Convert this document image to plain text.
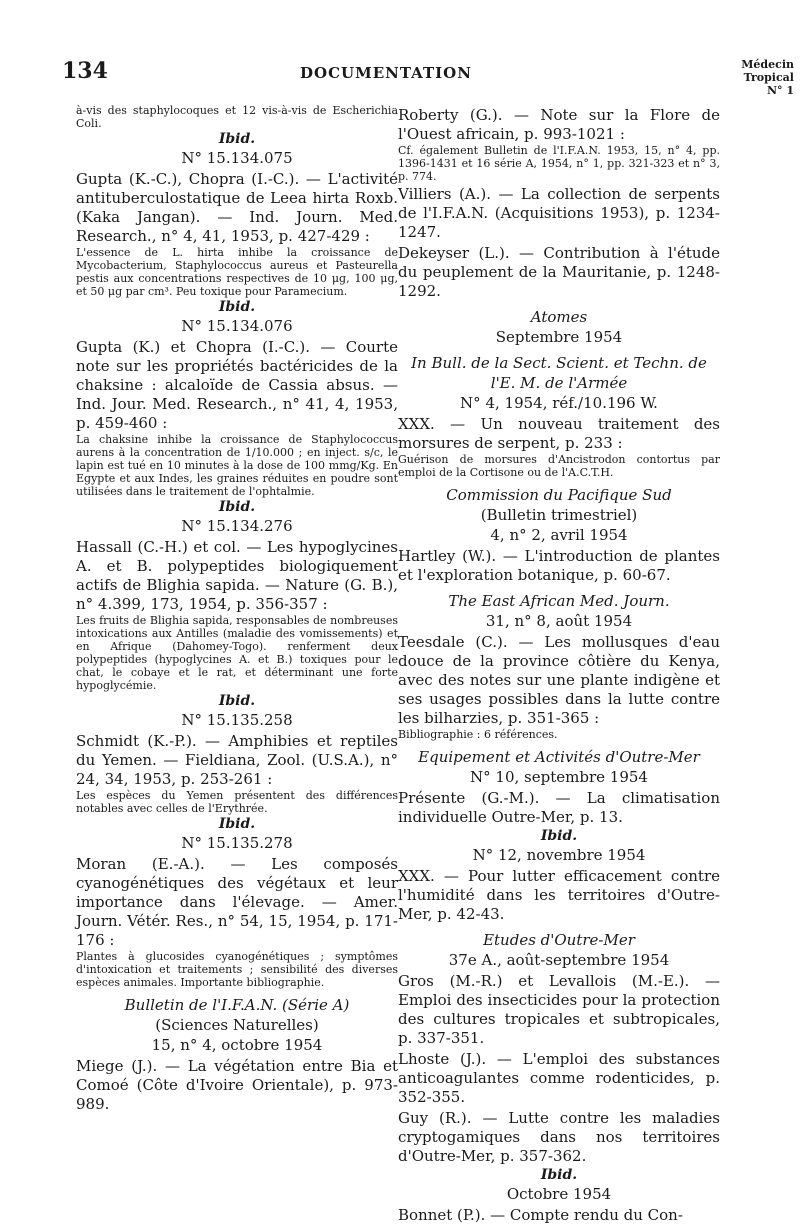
134	DOCUMENTATION	Médecin
Tropical
N° 1
à-vis des staphylocoques et 12 vis-à-vis de Escherichia Coli.
Ibid.
N° 15.134.075
Gupta (K.-C.), Chopra (I.-C.). — L'activité antituberculostatique de Leea hirta Roxb. (Kaka Jangan). — Ind. Journ. Med. Research., n° 4, 41, 1953, p. 427-429 :
L'essence de L. hirta inhibe la croissance de Mycobacterium, Staphylococcus aureus et Pasteurella pestis aux concentrations respectives de 10 μg, 100 μg, et 50 μg par cm³. Peu toxique pour Paramecium.
Ibid.
N° 15.134.076
Gupta (K.) et Chopra (I.-C.). — Courte note sur les propriétés bactéricides de la chaksine : alcaloïde de Cassia absus. — Ind. Jour. Med. Research., n° 41, 4, 1953, p. 459-460 :
La chaksine inhibe la croissance de Staphylococcus aurens à la concentration de 1/10.000 ; en inject. s/c, le lapin est tué en 10 minutes à la dose de 100 mmg/Kg. En Egypte et aux Indes, les graines réduites en poudre sont utilisées dans le traitement de l'ophtalmie.
Ibid.
N° 15.134.276
Hassall (C.-H.) et col. — Les hypoglycines A. et B. polypeptides biologiquement actifs de Blighia sapida. — Nature (G. B.), n° 4.399, 173, 1954, p. 356-357 :
Les fruits de Blighia sapida, responsables de nombreuses intoxications aux Antilles (maladie des vomissements) et en Afrique (Dahomey-Togo). renferment deux polypeptides (hypoglycines A. et B.) toxiques pour le chat, le cobaye et le rat, et déterminant une forte hypoglycémie.
Ibid.
N° 15.135.258
Schmidt (K.-P.). — Amphibies et reptiles du Yemen. — Fieldiana, Zool. (U.S.A.), n° 24, 34, 1953, p. 253-261 :
Les espèces du Yemen présentent des différences notables avec celles de l'Erythrée.
Ibid.
N° 15.135.278
Moran (E.-A.). — Les composés cyanogénétiques des végétaux et leur importance dans l'élevage. — Amer. Journ. Vétér. Res., n° 54, 15, 1954, p. 171-176 :
Plantes à glucosides cyanogénétiques ; symptômes d'intoxication et traitements ; sensibilité des diverses espèces animales. Importante bibliographie.
Bulletin de l'I.F.A.N. (Série A)
(Sciences Naturelles)
15, n° 4, octobre 1954
Miege (J.). — La végétation entre Bia et Comoé (Côte d'Ivoire Orientale), p. 973-989.
Roberty (G.). — Note sur la Flore de l'Ouest africain, p. 993-1021 :
Cf. également Bulletin de l'I.F.A.N. 1953, 15, n° 4, pp. 1396-1431 et 16 série A, 1954, n° 1, pp. 321-323 et n° 3, p. 774.
Villiers (A.). — La collection de serpents de l'I.F.A.N. (Acquisitions 1953), p. 1234-1247.
Dekeyser (L.). — Contribution à l'étude du peuplement de la Mauritanie, p. 1248-1292.
Atomes
Septembre 1954
In Bull. de la Sect. Scient. et Techn. de l'E. M. de l'Armée
N° 4, 1954, réf./10.196 W.
XXX. — Un nouveau traitement des morsures de serpent, p. 233 :
Guérison de morsures d'Ancistrodon contortus par emploi de la Cortisone ou de l'A.C.T.H.
Commission du Pacifique Sud
(Bulletin trimestriel)
4, n° 2, avril 1954
Hartley (W.). — L'introduction de plantes et l'exploration botanique, p. 60-67.
The East African Med. Journ.
31, n° 8, août 1954
Teesdale (C.). — Les mollusques d'eau douce de la province côtière du Kenya, avec des notes sur une plante indigène et ses usages possibles dans la lutte contre les bilharzies, p. 351-365 :
Bibliographie : 6 références.
Equipement et Activités d'Outre-Mer
N° 10, septembre 1954
Présente (G.-M.). — La climatisation individuelle Outre-Mer, p. 13.
Ibid.
N° 12, novembre 1954
XXX. — Pour lutter efficacement contre l'humidité dans les territoires d'Outre-Mer, p. 42-43.
Etudes d'Outre-Mer
37e A., août-septembre 1954
Gros (M.-R.) et Levallois (M.-E.). — Emploi des insecticides pour la protection des cultures tropicales et subtropicales, p. 337-351.
Lhoste (J.). — L'emploi des substances anticoagulantes comme rodenticides, p. 352-355.
Guy (R.). — Lutte contre les maladies cryptogamiques dans nos territoires d'Outre-Mer, p. 357-362.
Ibid.
Octobre 1954
Bonnet (P.). — Compte rendu du Con-
